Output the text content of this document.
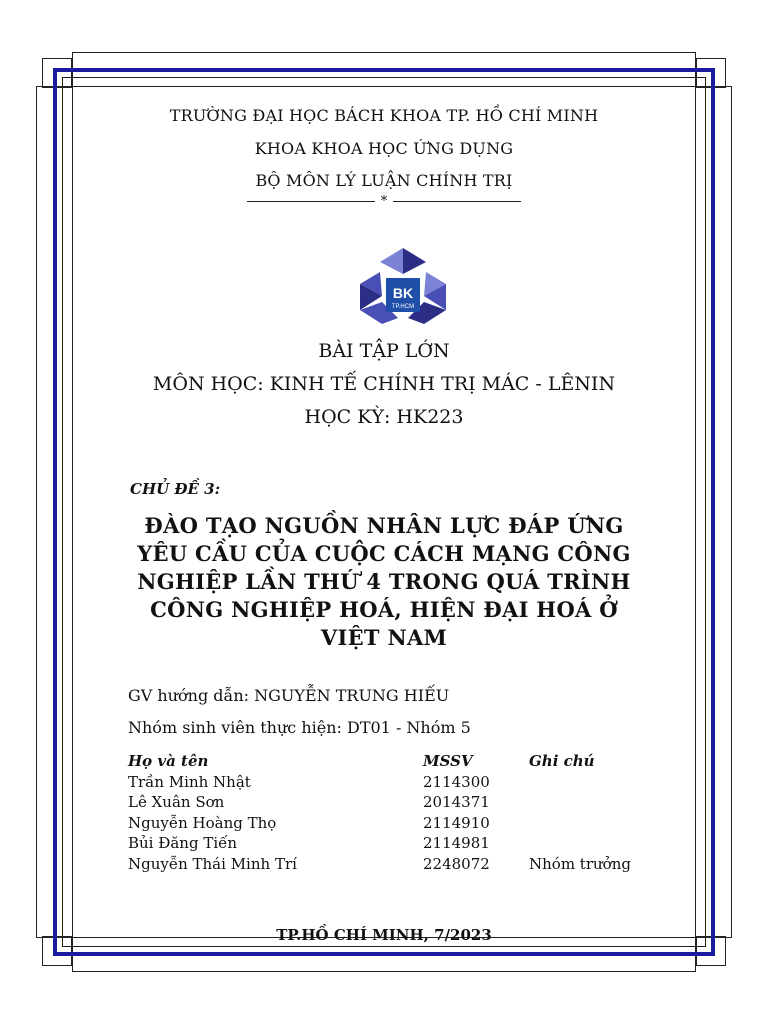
TRƯỜNG ĐẠI HỌC BÁCH KHOA TP. HỒ CHÍ MINH
KHOA KHOA HỌC ỨNG DỤNG
BỘ MÔN LÝ LUẬN CHÍNH TRỊ
*
BK
TP.HCM
BÀI TẬP LỚN
MÔN HỌC: KINH TẾ CHÍNH TRỊ MÁC - LÊNIN
HỌC KỲ: HK223
CHỦ ĐỀ 3:
ĐÀO TẠO NGUỒN NHÂN LỰC ĐÁP ỨNG
YÊU CẦU CỦA CUỘC CÁCH MẠNG CÔNG
NGHIỆP LẦN THỨ 4 TRONG QUÁ TRÌNH
CÔNG NGHIỆP HOÁ, HIỆN ĐẠI HOÁ Ở
VIỆT NAM
GV hướng dẫn: NGUYỄN TRUNG HIẾU
Nhóm sinh viên thực hiện: DT01 - Nhóm 5
Họ và tên	MSSV	Ghi chú
Trần Minh Nhật	2114300	
Lê Xuân Sơn	2014371	
Nguyễn Hoàng Thọ	2114910	
Bủi Đăng Tiến	2114981	
Nguyễn Thái Minh Trí	2248072	Nhóm trưởng
TP.HỒ CHÍ MINH, 7/2023
